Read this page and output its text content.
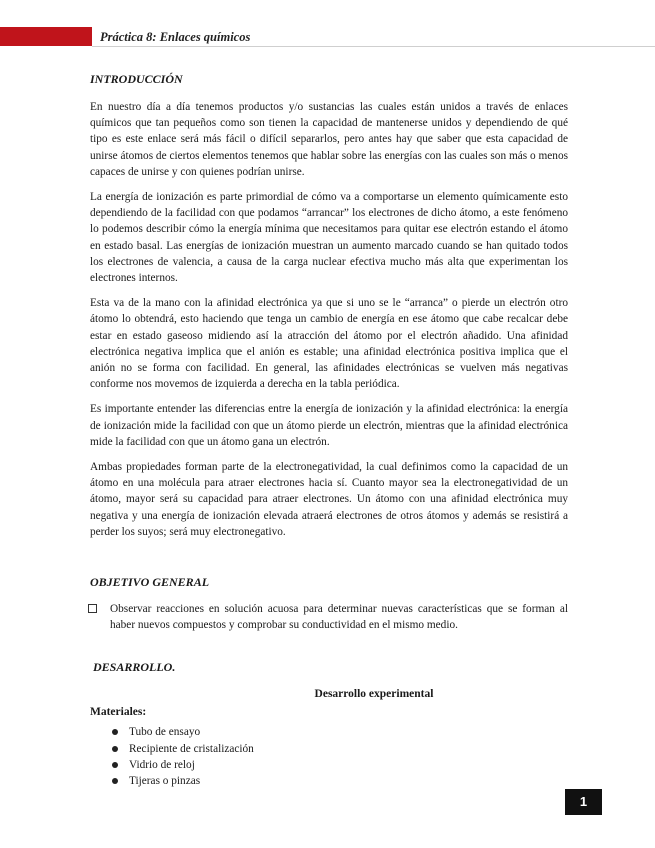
Práctica 8: Enlaces químicos
INTRODUCCIÓN

En nuestro día a día tenemos productos y/o sustancias las cuales están unidos a través de enlaces químicos que tan pequeños como son tienen la capacidad de mantenerse unidos y dependiendo de qué tipo es este enlace será más fácil o difícil separarlos, pero antes hay que saber que esta capacidad de unirse átomos de ciertos elementos tenemos que hablar sobre las energías con las cuales son más o menos capaces de unirse y con quienes podrían unirse.

La energía de ionización es parte primordial de cómo va a comportarse un elemento químicamente esto dependiendo de la facilidad con que podamos “arrancar” los electrones de dicho átomo, a este fenómeno lo podemos describir cómo la energía mínima que necesitamos para quitar ese electrón estando el átomo en estado basal. Las energías de ionización muestran un aumento marcado cuando se han quitado todos los electrones de valencia, a causa de la carga nuclear efectiva mucho más alta que experimentan los electrones internos.

Esta va de la mano con la afinidad electrónica ya que si uno se le “arranca” o pierde un electrón otro átomo lo obtendrá, esto haciendo que tenga un cambio de energía en ese átomo que cabe recalcar debe estar en estado gaseoso midiendo así la atracción del átomo por el electrón añadido. Una afinidad electrónica negativa implica que el anión es estable; una afinidad electrónica positiva implica que el anión no se forma con facilidad. En general, las afinidades electrónicas se vuelven más negativas conforme nos movemos de izquierda a derecha en la tabla periódica.

Es importante entender las diferencias entre la energía de ionización y la afinidad electrónica: la energía de ionización mide la facilidad con que un átomo pierde un electrón, mientras que la afinidad electrónica mide la facilidad con que un átomo gana un electrón.

Ambas propiedades forman parte de la electronegatividad, la cual definimos como la capacidad de un átomo en una molécula para atraer electrones hacia sí. Cuanto mayor sea la electronegatividad de un átomo, mayor será su capacidad para atraer electrones. Un átomo con una afinidad electrónica muy negativa y una energía de ionización elevada atraerá electrones de otros átomos y además se resistirá a perder los suyos; será muy electronegativo.

OBJETIVO GENERAL
Observar reacciones en solución acuosa para determinar nuevas características que se forman al haber nuevos compuestos y comprobar su conductividad en el mismo medio.
DESARROLLO.
Desarrollo experimental
Materiales:
Tubo de ensayo
Recipiente de cristalización
Vidrio de reloj
Tijeras o pinzas
1
